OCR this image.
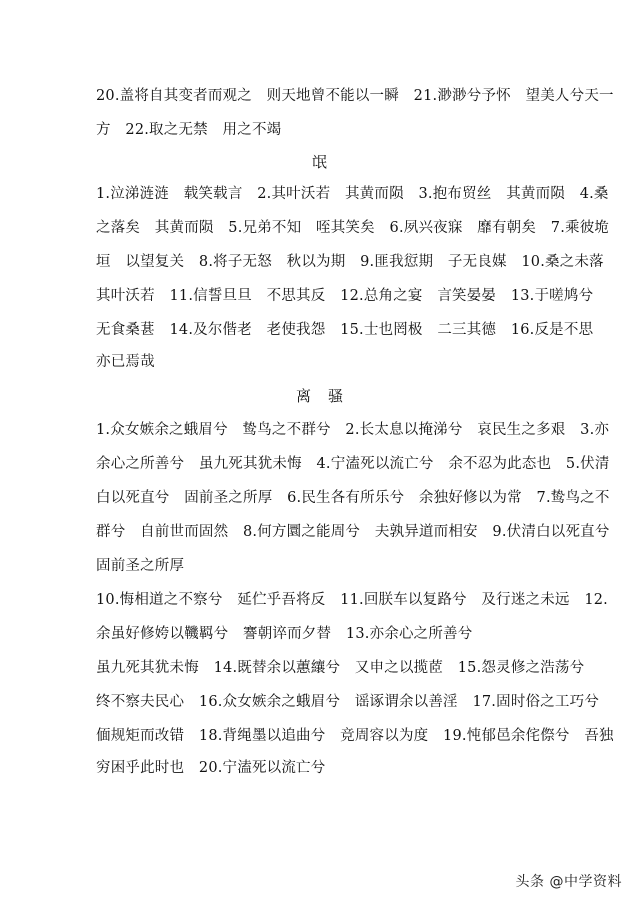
20.盖将自其变者而观之　则天地曾不能以一瞬　21.渺渺兮予怀　望美人兮天一
方　22.取之无禁　用之不竭
氓
1.泣涕涟涟　载笑载言　2.其叶沃若　其黄而陨　3.抱布贸丝　其黄而陨　4.桑
之落矣　其黄而陨　5.兄弟不知　咥其笑矣　6.夙兴夜寐　靡有朝矣　7.乘彼垝
垣　以望复关　8.将子无怒　秋以为期　9.匪我愆期　子无良媒　10.桑之未落
其叶沃若　11.信誓旦旦　不思其反　12.总角之宴　言笑晏晏　13.于嗟鸠兮
无食桑葚　14.及尔偕老　老使我怨　15.士也罔极　二三其德　16.反是不思
亦已焉哉
离　骚
1.众女嫉余之蛾眉兮　鸷鸟之不群兮　2.长太息以掩涕兮　哀民生之多艰　3.亦
余心之所善兮　虽九死其犹未悔　4.宁溘死以流亡兮　余不忍为此态也　5.伏清
白以死直兮　固前圣之所厚　6.民生各有所乐兮　余独好修以为常　7.鸷鸟之不
群兮　自前世而固然　8.何方圜之能周兮　夫孰异道而相安　9.伏清白以死直兮
固前圣之所厚
10.悔相道之不察兮　延伫乎吾将反　11.回朕车以复路兮　及行迷之未远　12.
余虽好修姱以鞿羁兮　謇朝谇而夕替　13.亦余心之所善兮
虽九死其犹未悔　14.既替余以蕙纕兮　又申之以揽茝　15.怨灵修之浩荡兮
终不察夫民心　16.众女嫉余之蛾眉兮　谣诼谓余以善淫　17.固时俗之工巧兮
偭规矩而改错　18.背绳墨以追曲兮　竞周容以为度　19.忳郁邑余侘傺兮　吾独
穷困乎此时也　20.宁溘死以流亡兮
头条 @中学资料
